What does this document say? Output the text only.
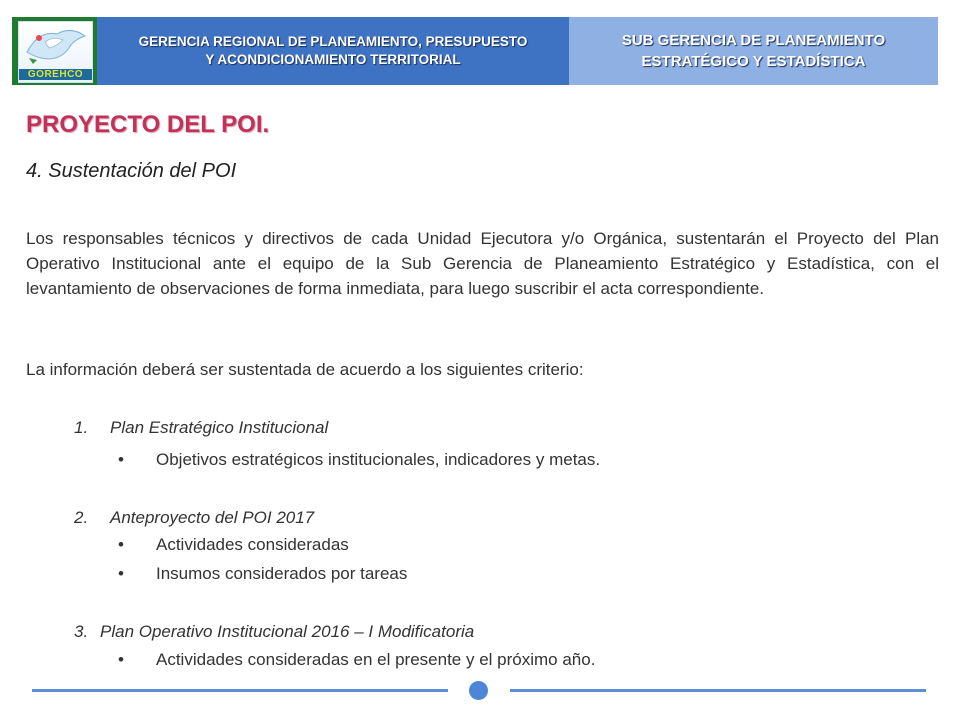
GOREHCO
GERENCIA REGIONAL DE PLANEAMIENTO, PRESUPUESTO
Y ACONDICIONAMIENTO TERRITORIAL
SUB GERENCIA DE PLANEAMIENTO
ESTRATÉGICO Y ESTADÍSTICA
PROYECTO DEL POI.
4. Sustentación del POI
Los responsables técnicos y directivos de cada Unidad Ejecutora y/o Orgánica, sustentarán el Proyecto del Plan Operativo Institucional ante el equipo de la Sub Gerencia de Planeamiento Estratégico y Estadística, con el levantamiento de observaciones de forma inmediata, para luego suscribir el acta correspondiente.
La información deberá ser sustentada de acuerdo a los siguientes criterio:
1. Plan Estratégico Institucional
• Objetivos estratégicos institucionales, indicadores y metas.
2. Anteproyecto del POI 2017
• Actividades consideradas
• Insumos considerados por tareas
3. Plan Operativo Institucional 2016 – I Modificatoria
• Actividades consideradas en el presente y el próximo año.
